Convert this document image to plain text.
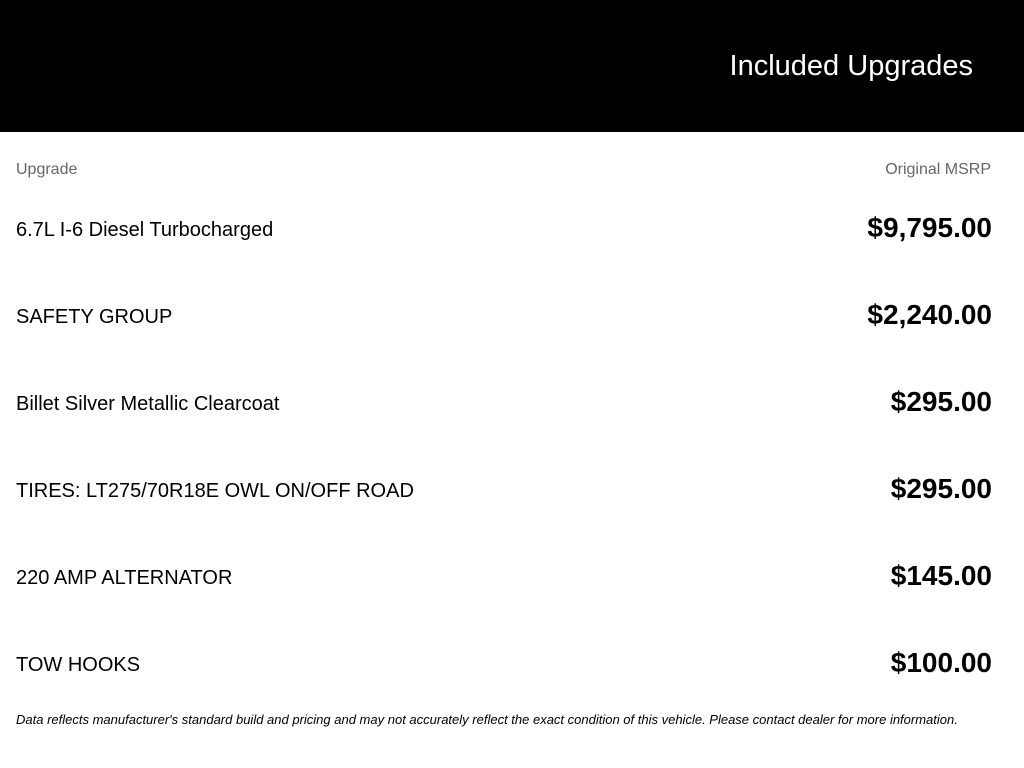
Included Upgrades
Upgrade	Original MSRP
6.7L I-6 Diesel Turbocharged	$9,795.00
SAFETY GROUP	$2,240.00
Billet Silver Metallic Clearcoat	$295.00
TIRES: LT275/70R18E OWL ON/OFF ROAD	$295.00
220 AMP ALTERNATOR	$145.00
TOW HOOKS	$100.00
Data reflects manufacturer's standard build and pricing and may not accurately reflect the exact condition of this vehicle. Please contact dealer for more information.
